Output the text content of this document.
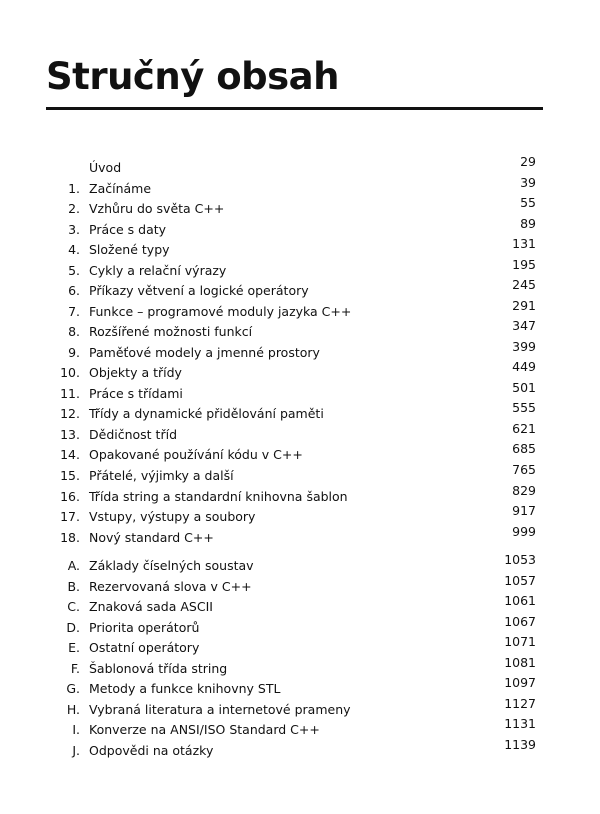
Stručný obsah
Úvod	29
1. Začínáme	39
2. Vzhůru do světa C++	55
3. Práce s daty	89
4. Složené typy	131
5. Cykly a relační výrazy	195
6. Příkazy větvení a logické operátory	245
7. Funkce – programové moduly jazyka C++	291
8. Rozšířené možnosti funkcí	347
9. Paměťové modely a jmenné prostory	399
10. Objekty a třídy	449
11. Práce s třídami	501
12. Třídy a dynamické přidělování paměti	555
13. Dědičnost tříd	621
14. Opakované používání kódu v C++	685
15. Přátelé, výjimky a další	765
16. Třída string a standardní knihovna šablon	829
17. Vstupy, výstupy a soubory	917
18. Nový standard C++	999
A. Základy číselných soustav	1053
B. Rezervovaná slova v C++	1057
C. Znaková sada ASCII	1061
D. Priorita operátorů	1067
E. Ostatní operátory	1071
F. Šablonová třída string	1081
G. Metody a funkce knihovny STL	1097
H. Vybraná literatura a internetové prameny	1127
I. Konverze na ANSI/ISO Standard C++	1131
J. Odpovědi na otázky	1139
